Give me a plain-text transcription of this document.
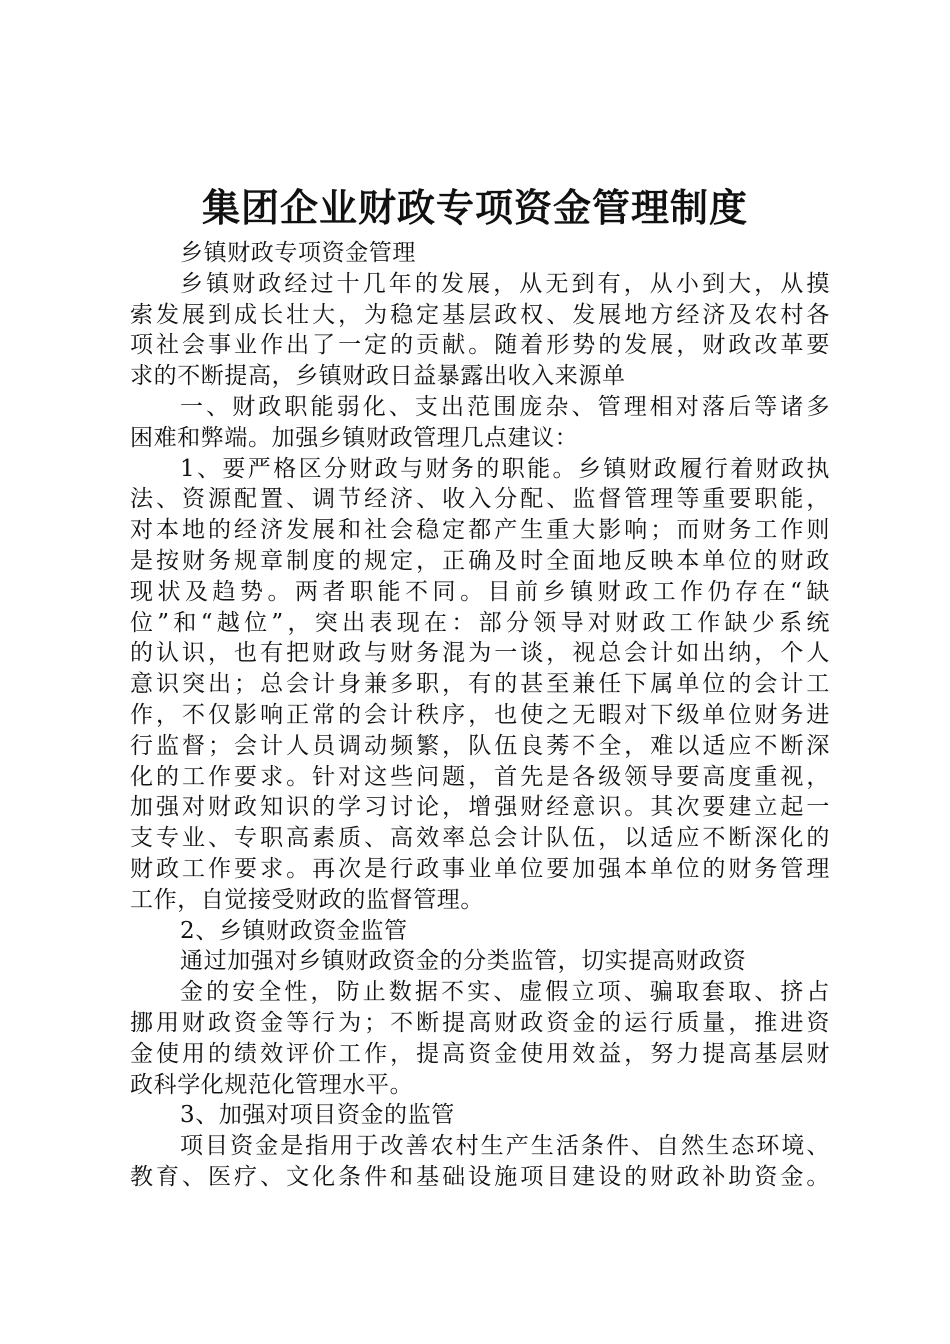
集团企业财政专项资金管理制度
乡镇财政专项资金管理
乡镇财政经过十几年的发展，从无到有，从小到大，从摸
索发展到成长壮大，为稳定基层政权、发展地方经济及农村各
项社会事业作出了一定的贡献。随着形势的发展，财政改革要
求的不断提高，乡镇财政日益暴露出收入来源单
一、财政职能弱化、支出范围庞杂、管理相对落后等诸多
困难和弊端。加强乡镇财政管理几点建议：
1、要严格区分财政与财务的职能。乡镇财政履行着财政执
法、资源配置、调节经济、收入分配、监督管理等重要职能，
对本地的经济发展和社会稳定都产生重大影响；而财务工作则
是按财务规章制度的规定，正确及时全面地反映本单位的财政
现状及趋势。两者职能不同。目前乡镇财政工作仍存在“缺
位”和“越位”，突出表现在：部分领导对财政工作缺少系统
的认识，也有把财政与财务混为一谈，视总会计如出纳，个人
意识突出；总会计身兼多职，有的甚至兼任下属单位的会计工
作，不仅影响正常的会计秩序，也使之无暇对下级单位财务进
行监督；会计人员调动频繁，队伍良莠不全，难以适应不断深
化的工作要求。针对这些问题，首先是各级领导要高度重视，
加强对财政知识的学习讨论，增强财经意识。其次要建立起一
支专业、专职高素质、高效率总会计队伍，以适应不断深化的
财政工作要求。再次是行政事业单位要加强本单位的财务管理
工作，自觉接受财政的监督管理。
2、乡镇财政资金监管
通过加强对乡镇财政资金的分类监管，切实提高财政资
金的安全性，防止数据不实、虚假立项、骗取套取、挤占
挪用财政资金等行为；不断提高财政资金的运行质量，推进资
金使用的绩效评价工作，提高资金使用效益，努力提高基层财
政科学化规范化管理水平。
3、加强对项目资金的监管
项目资金是指用于改善农村生产生活条件、自然生态环境、
教育、医疗、文化条件和基础设施项目建设的财政补助资金。
